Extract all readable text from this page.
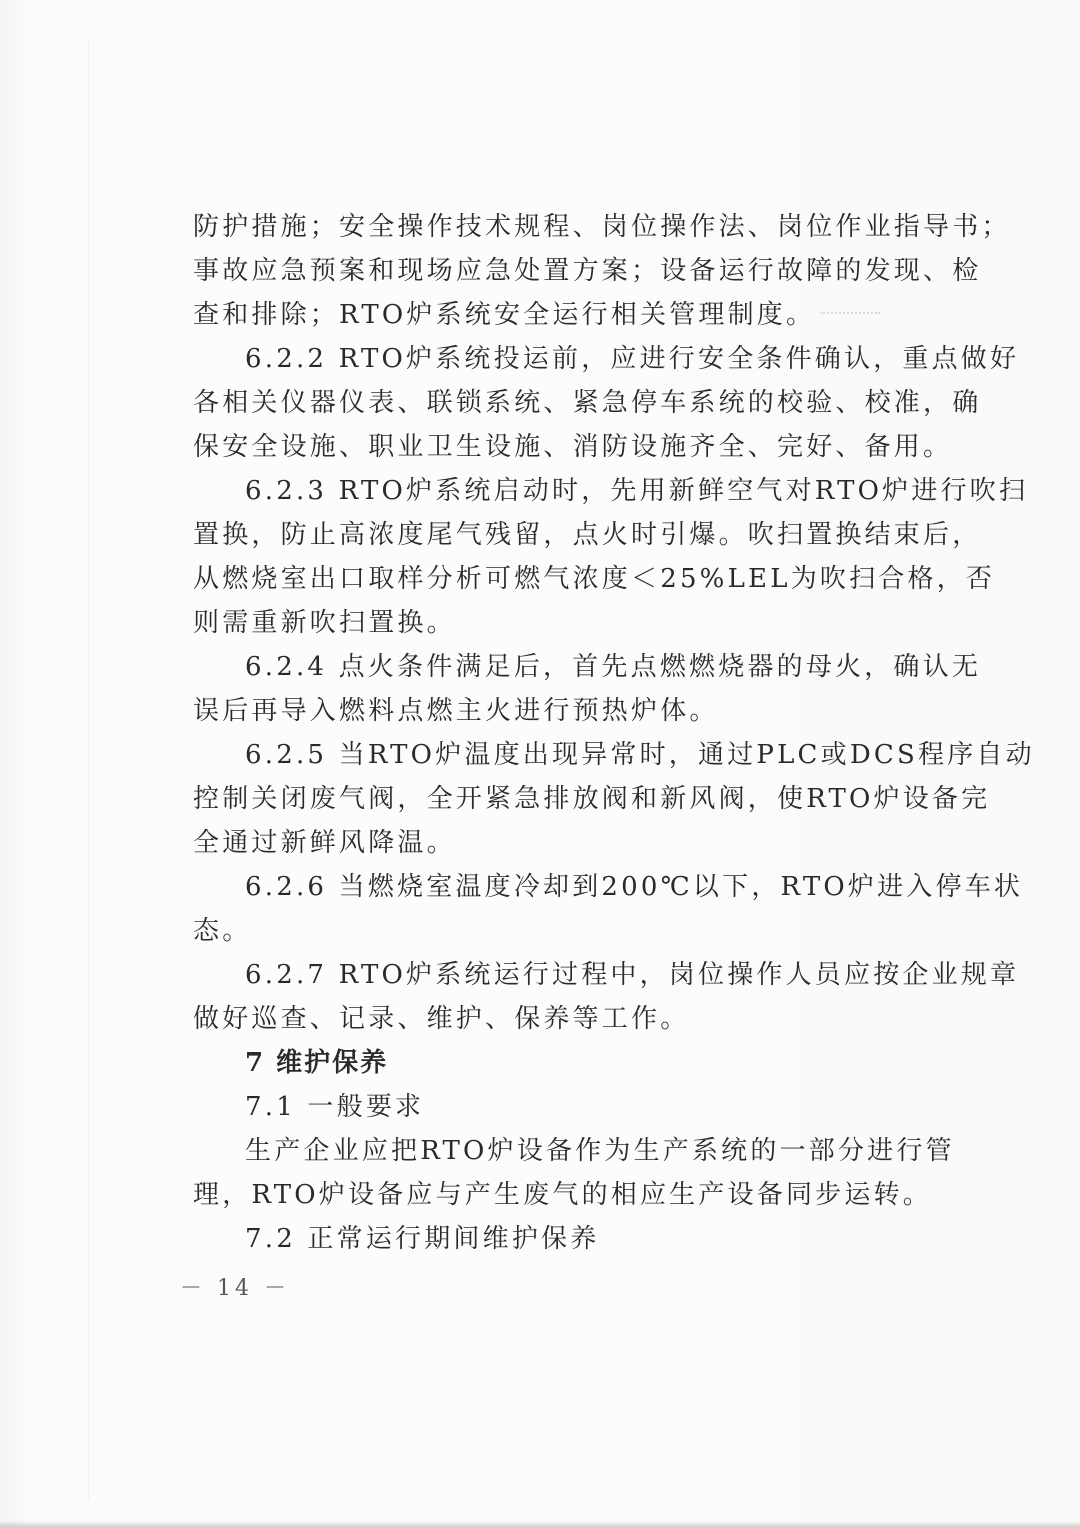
防护措施；安全操作技术规程、岗位操作法、岗位作业指导书；
事故应急预案和现场应急处置方案；设备运行故障的发现、检
查和排除；RTO炉系统安全运行相关管理制度。
6.2.2 RTO炉系统投运前，应进行安全条件确认，重点做好
各相关仪器仪表、联锁系统、紧急停车系统的校验、校准，确
保安全设施、职业卫生设施、消防设施齐全、完好、备用。
6.2.3 RTO炉系统启动时，先用新鲜空气对RTO炉进行吹扫
置换，防止高浓度尾气残留，点火时引爆。吹扫置换结束后，
从燃烧室出口取样分析可燃气浓度＜25%LEL为吹扫合格，否
则需重新吹扫置换。
6.2.4 点火条件满足后，首先点燃燃烧器的母火，确认无
误后再导入燃料点燃主火进行预热炉体。
6.2.5 当RTO炉温度出现异常时，通过PLC或DCS程序自动
控制关闭废气阀，全开紧急排放阀和新风阀，使RTO炉设备完
全通过新鲜风降温。
6.2.6 当燃烧室温度冷却到200℃以下，RTO炉进入停车状
态。
6.2.7 RTO炉系统运行过程中，岗位操作人员应按企业规章
做好巡查、记录、维护、保养等工作。
7 维护保养
7.1 一般要求
生产企业应把RTO炉设备作为生产系统的一部分进行管
理，RTO炉设备应与产生废气的相应生产设备同步运转。
7.2 正常运行期间维护保养
－ 14 －
